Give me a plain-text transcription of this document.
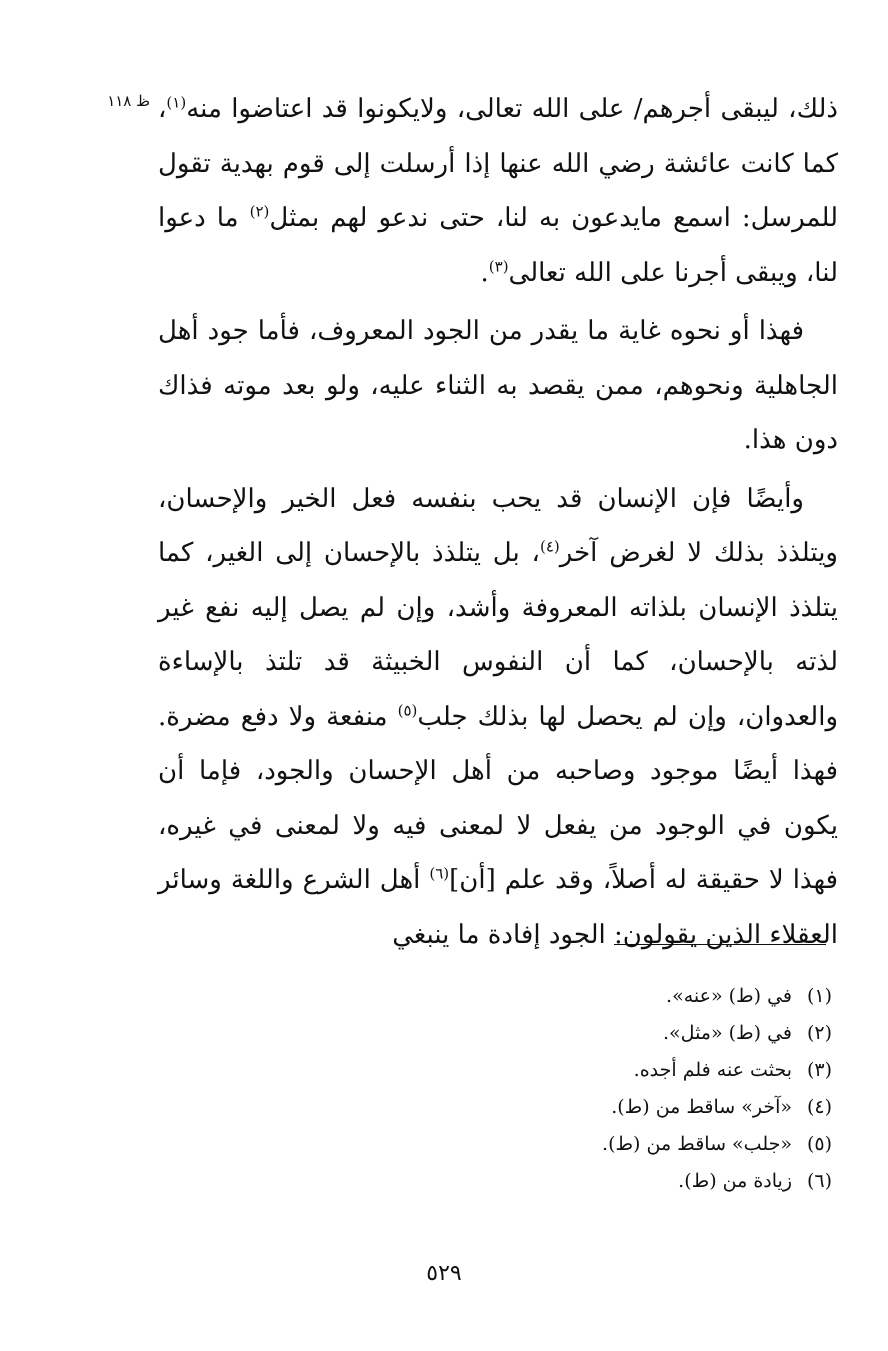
ظ ١١٨	ذلك، ليبقى أجرهم/ على الله تعالى، ولايكونوا قد اعتاضوا منه$^{(١)}$، كما كانت عائشة رضي الله عنها إذا أرسلت إلى قوم بهدية تقول للمرسل: اسمع مايدعون به لنا، حتى ندعو لهم بمثل$^{(٢)}$ ما دعوا لنا، ويبقى أجرنا على الله تعالى$^{(٣)}$.

فهذا أو نحوه غاية ما يقدر من الجود المعروف، فأما جود أهل الجاهلية ونحوهم، ممن يقصد به الثناء عليه، ولو بعد موته فذاك دون هذا.

وأيضًا فإن الإنسان قد يحب بنفسه فعل الخير والإحسان، ويتلذذ بذلك لا لغرض آخر$^{(٤)}$، بل يتلذذ بالإحسان إلى الغير، كما يتلذذ الإنسان بلذاته المعروفة وأشد، وإن لم يصل إليه نفع غير لذته بالإحسان، كما أن النفوس الخبيثة قد تلتذ بالإساءة والعدوان، وإن لم يحصل لها بذلك جلب$^{(٥)}$ منفعة ولا دفع مضرة. فهذا أيضًا موجود وصاحبه من أهل الإحسان والجود، فإما أن يكون في الوجود من يفعل لا لمعنى فيه ولا لمعنى في غيره، فهذا لا حقيقة له أصلاً، وقد علم [أن]$^{(٦)}$ أهل الشرع واللغة وسائر العقلاء الذين يقولون: الجود إفادة ما ينبغي

(١)
في (ط) «عنه».
(٢)
في (ط) «مثل».
(٣)
بحثت عنه فلم أجده.
(٤)
«آخر» ساقط من (ط).
(٥)
«جلب» ساقط من (ط).
(٦)
زيادة من (ط).
٥٢٩
